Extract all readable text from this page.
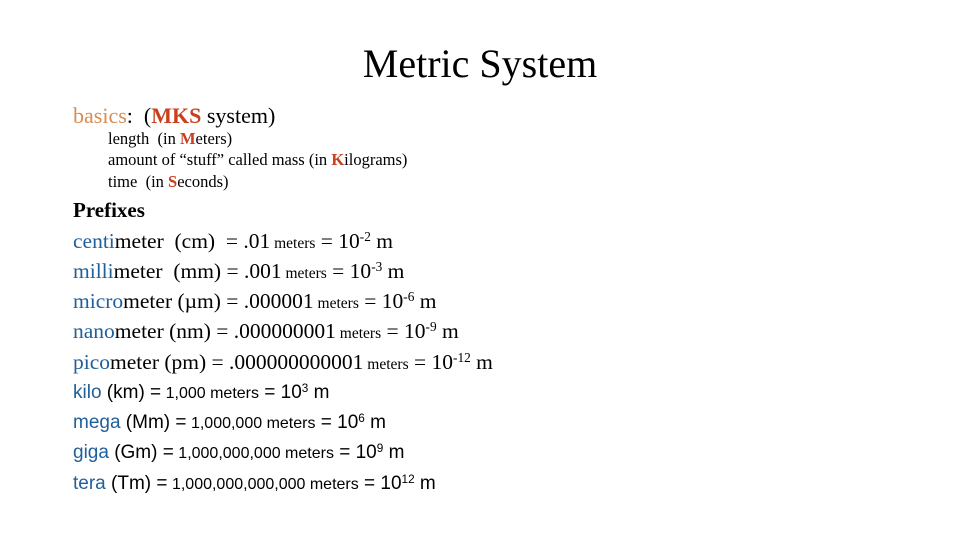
Metric System
basics:  (MKS system)
length  (in Meters)
amount of “stuff” called mass (in Kilograms)
time  (in Seconds)
Prefixes
centimeter  (cm)  = .01 meters = $10^{-2}$ m
millimeter  (mm) = .001 meters = $10^{-3}$ m
micrometer (µm) = .000001 meters = $10^{-6}$ m
nanometer (nm) = .000000001 meters = $10^{-9}$ m
picometer (pm) = .000000000001 meters = $10^{-12}$ m
kilo (km) = 1,000 meters = $10^3$ m
mega (Mm) = 1,000,000 meters = $10^6$ m
giga (Gm) = 1,000,000,000 meters = $10^9$ m
tera (Tm) = 1,000,000,000,000 meters = $10^{12}$ m
